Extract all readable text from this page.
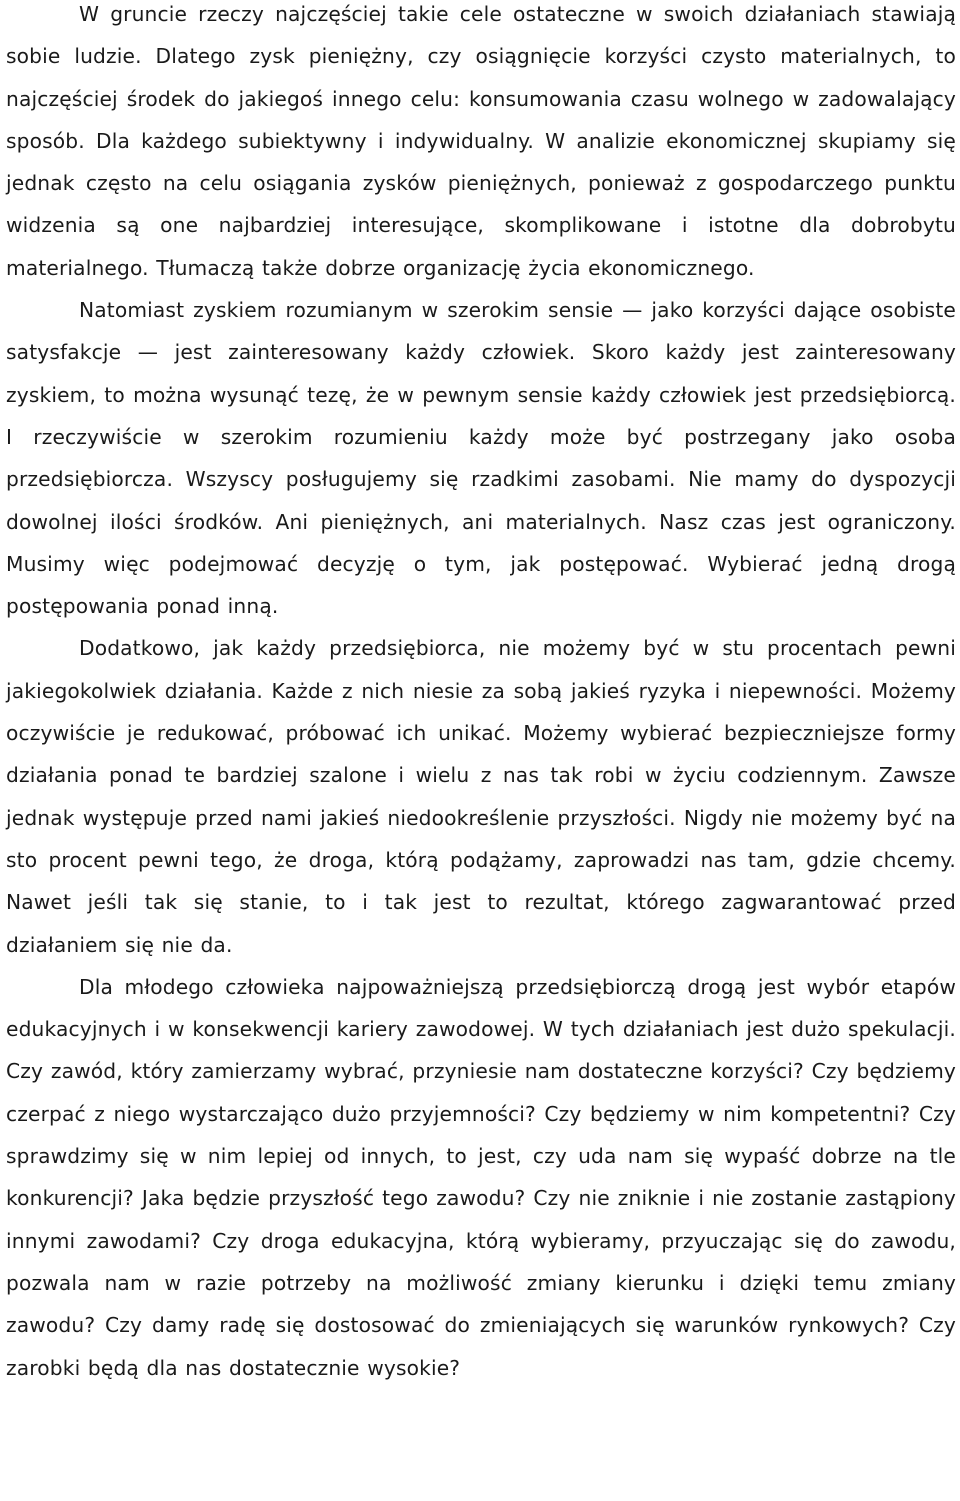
W gruncie rzeczy najczęściej takie cele ostateczne w swoich działaniach stawiają sobie ludzie. Dlatego zysk pieniężny, czy osiągnięcie korzyści czysto materialnych, to najczęściej środek do jakiegoś innego celu: konsumowania czasu wolnego w zadowalający sposób. Dla każdego subiektywny i indywidualny. W analizie ekonomicznej skupiamy się jednak często na celu osiągania zysków pieniężnych, ponieważ z gospodarczego punktu widzenia są one najbardziej interesujące, skomplikowane i istotne dla dobrobytu materialnego. Tłumaczą także dobrze organizację życia ekonomicznego.

Natomiast zyskiem rozumianym w szerokim sensie — jako korzyści dające osobiste satysfakcje — jest zainteresowany każdy człowiek. Skoro każdy jest zainteresowany zyskiem, to można wysunąć tezę, że w pewnym sensie każdy człowiek jest przedsiębiorcą. I rzeczywiście w szerokim rozumieniu każdy może być postrzegany jako osoba przedsiębiorcza. Wszyscy posługujemy się rzadkimi zasobami. Nie mamy do dyspozycji dowolnej ilości środków. Ani pieniężnych, ani materialnych. Nasz czas jest ograniczony. Musimy więc podejmować decyzję o tym, jak postępować. Wybierać jedną drogą postępowania ponad inną.

Dodatkowo, jak każdy przedsiębiorca, nie możemy być w stu procentach pewni jakiegokolwiek działania. Każde z nich niesie za sobą jakieś ryzyka i niepewności. Możemy oczywiście je redukować, próbować ich unikać. Możemy wybierać bezpieczniejsze formy działania ponad te bardziej szalone i wielu z nas tak robi w życiu codziennym. Zawsze jednak występuje przed nami jakieś niedookreślenie przyszłości. Nigdy nie możemy być na sto procent pewni tego, że droga, którą podążamy, zaprowadzi nas tam, gdzie chcemy. Nawet jeśli tak się stanie, to i tak jest to rezultat, którego zagwarantować przed działaniem się nie da.

Dla młodego człowieka najpoważniejszą przedsiębiorczą drogą jest wybór etapów edukacyjnych i w konsekwencji kariery zawodowej. W tych działaniach jest dużo spekulacji. Czy zawód, który zamierzamy wybrać, przyniesie nam dostateczne korzyści? Czy będziemy czerpać z niego wystarczająco dużo przyjemności? Czy będziemy w nim kompetentni? Czy sprawdzimy się w nim lepiej od innych, to jest, czy uda nam się wypaść dobrze na tle konkurencji? Jaka będzie przyszłość tego zawodu? Czy nie zniknie i nie zostanie zastąpiony innymi zawodami? Czy droga edukacyjna, którą wybieramy, przyuczając się do zawodu, pozwala nam w razie potrzeby na możliwość zmiany kierunku i dzięki temu zmiany zawodu? Czy damy radę się dostosować do zmieniających się warunków rynkowych? Czy zarobki będą dla nas dostatecznie wysokie?
